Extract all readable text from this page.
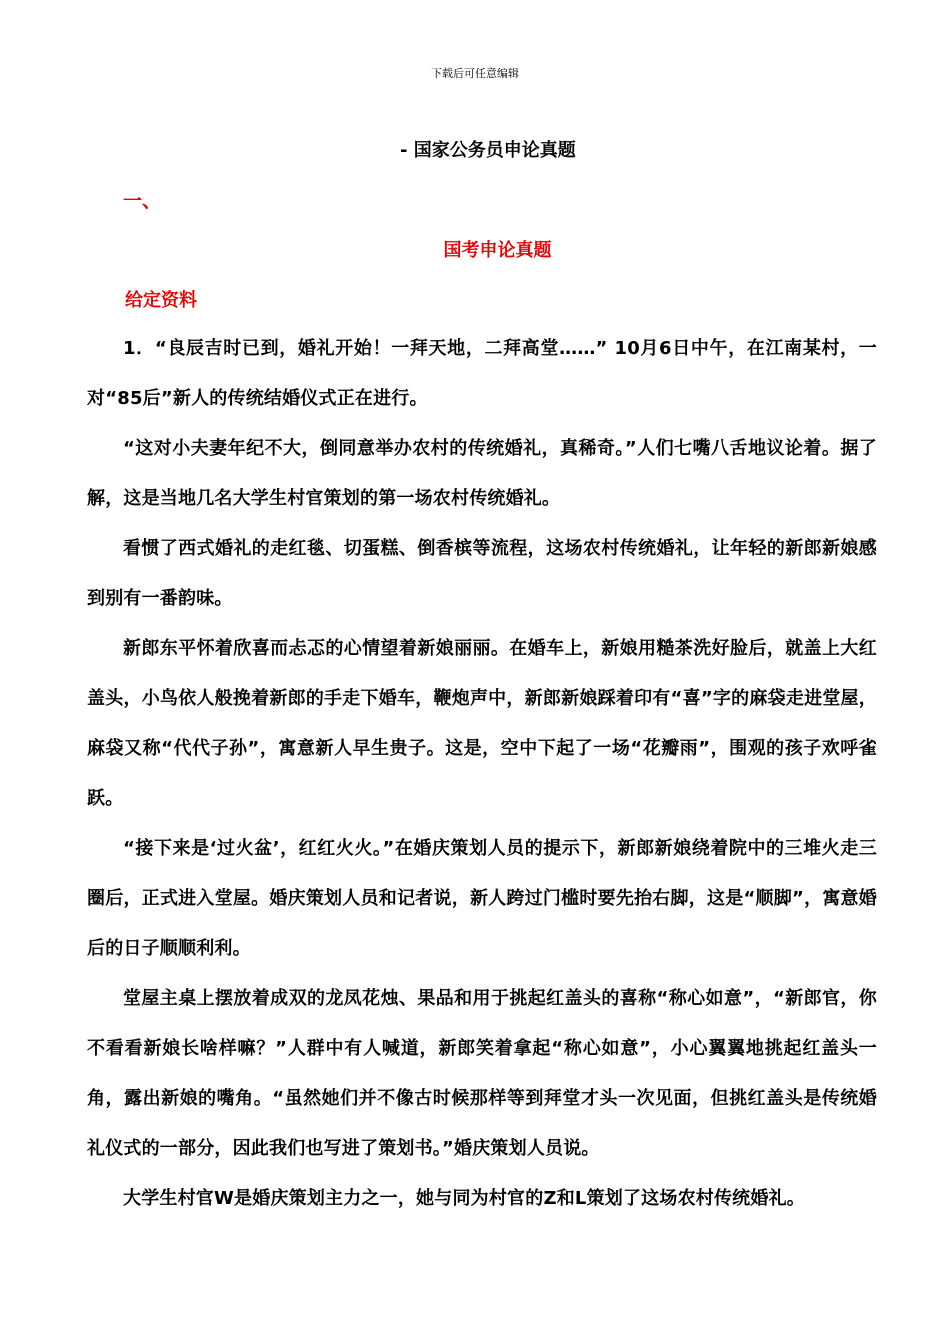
下载后可任意编辑
- 国家公务员申论真题
一、
国考申论真题
给定资料

1．“良辰吉时已到，婚礼开始！一拜天地，二拜高堂……” 10月6日中午，在江南某村，一对“85后”新人的传统结婚仪式正在进行。

“这对小夫妻年纪不大，倒同意举办农村的传统婚礼，真稀奇。”人们七嘴八舌地议论着。据了解，这是当地几名大学生村官策划的第一场农村传统婚礼。

看惯了西式婚礼的走红毯、切蛋糕、倒香槟等流程，这场农村传统婚礼，让年轻的新郎新娘感到别有一番韵味。

新郎东平怀着欣喜而忐忑的心情望着新娘丽丽。在婚车上，新娘用糙茶洗好脸后，就盖上大红盖头，小鸟依人般挽着新郎的手走下婚车，鞭炮声中，新郎新娘踩着印有“喜”字的麻袋走进堂屋，麻袋又称“代代子孙”，寓意新人早生贵子。这是，空中下起了一场“花瓣雨”，围观的孩子欢呼雀跃。

“接下来是‘过火盆’，红红火火。”在婚庆策划人员的提示下，新郎新娘绕着院中的三堆火走三圈后，正式进入堂屋。婚庆策划人员和记者说，新人跨过门槛时要先抬右脚，这是“顺脚”，寓意婚后的日子顺顺利利。

堂屋主桌上摆放着成双的龙凤花烛、果品和用于挑起红盖头的喜称“称心如意”，“新郎官，你不看看新娘长啥样嘛？”人群中有人喊道，新郎笑着拿起“称心如意”，小心翼翼地挑起红盖头一角，露出新娘的嘴角。“虽然她们并不像古时候那样等到拜堂才头一次见面，但挑红盖头是传统婚礼仪式的一部分，因此我们也写进了策划书。”婚庆策划人员说。

大学生村官W是婚庆策划主力之一，她与同为村官的Z和L策划了这场农村传统婚礼。
